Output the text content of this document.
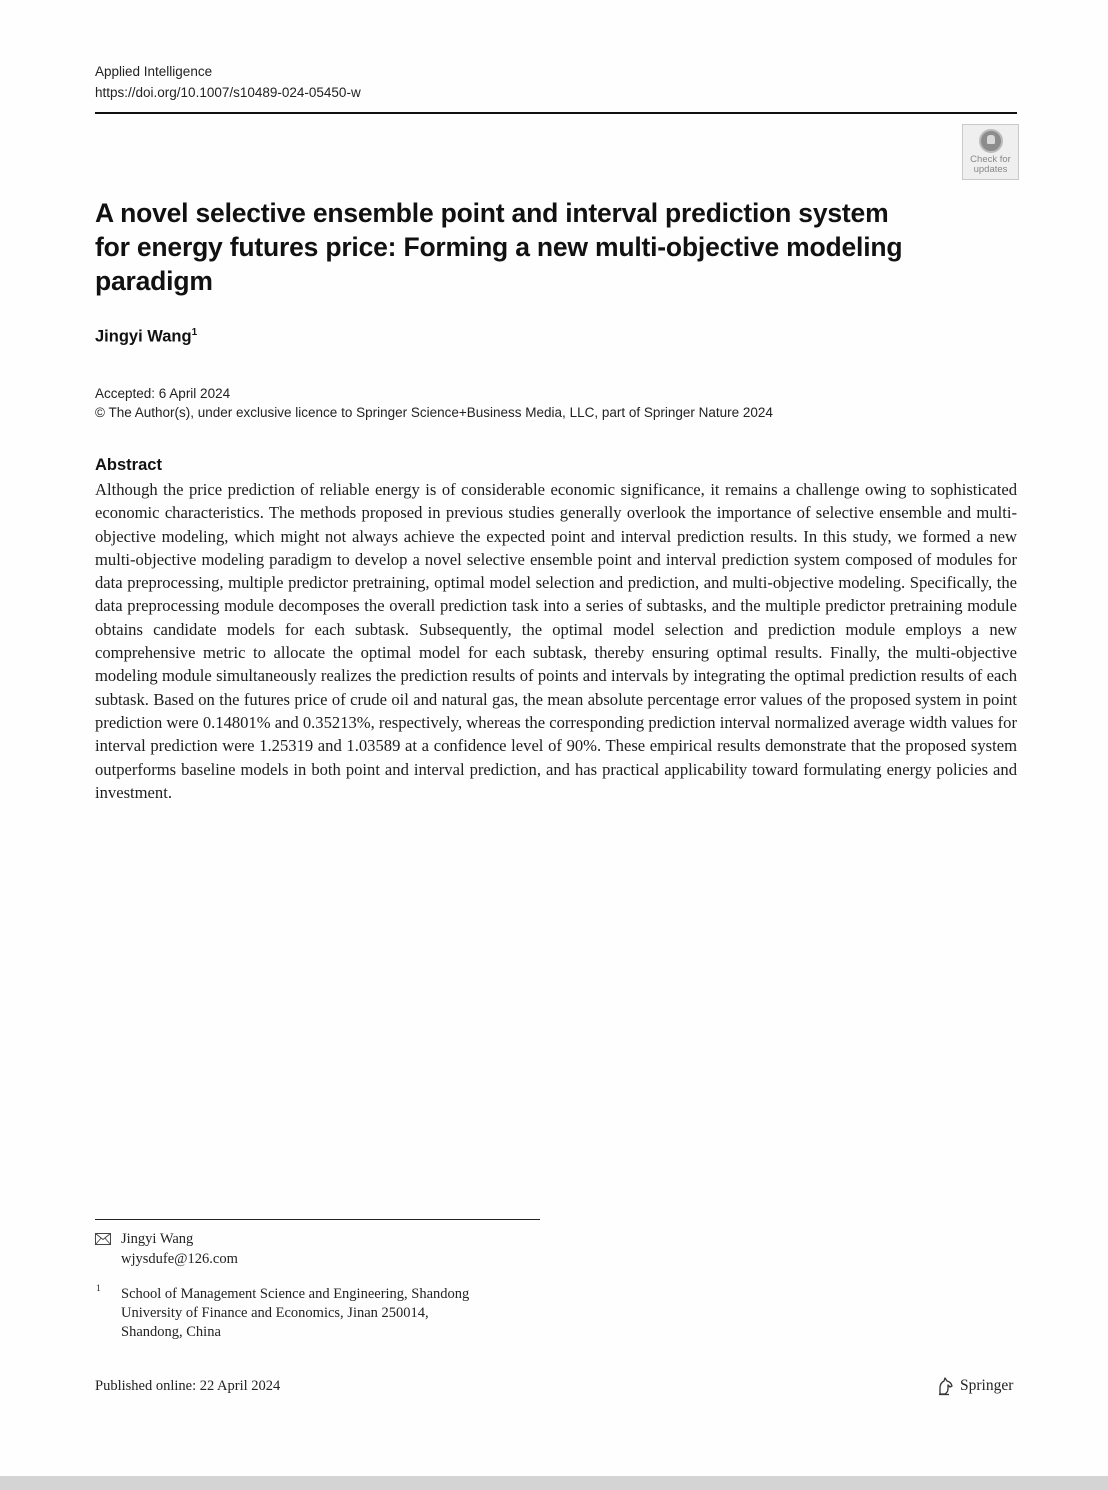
Applied Intelligence
https://doi.org/10.1007/s10489-024-05450-w
Check for
updates
A novel selective ensemble point and interval prediction system
for energy futures price: Forming a new multi-objective modeling
paradigm
Jingyi Wang$^1$
Accepted: 6 April 2024
© The Author(s), under exclusive licence to Springer Science+Business Media, LLC, part of Springer Nature 2024
Abstract
Although the price prediction of reliable energy is of considerable economic significance, it remains a challenge owing to sophisticated economic characteristics. The methods proposed in previous studies generally overlook the importance of selective ensemble and multi-objective modeling, which might not always achieve the expected point and interval prediction results. In this study, we formed a new multi-objective modeling paradigm to develop a novel selective ensemble point and interval prediction system composed of modules for data preprocessing, multiple predictor pretraining, optimal model selection and prediction, and multi-objective modeling. Specifically, the data preprocessing module decomposes the overall prediction task into a series of subtasks, and the multiple predictor pretraining module obtains candidate models for each subtask. Subsequently, the optimal model selection and prediction module employs a new comprehensive metric to allocate the optimal model for each subtask, thereby ensuring optimal results. Finally, the multi-objective modeling module simultaneously realizes the prediction results of points and intervals by integrating the optimal prediction results of each subtask. Based on the futures price of crude oil and natural gas, the mean absolute percentage error values of the proposed system in point prediction were 0.14801% and 0.35213%, respectively, whereas the corresponding prediction interval normalized average width values for interval prediction were 1.25319 and 1.03589 at a confidence level of 90%. These empirical results demonstrate that the proposed system outperforms baseline models in both point and interval prediction, and has practical applicability toward formulating energy policies and investment.
Jingyi Wang
wjysdufe@126.com
1 School of Management Science and Engineering, Shandong
University of Finance and Economics, Jinan 250014,
Shandong, China
Published online: 22 April 2024	Springer
